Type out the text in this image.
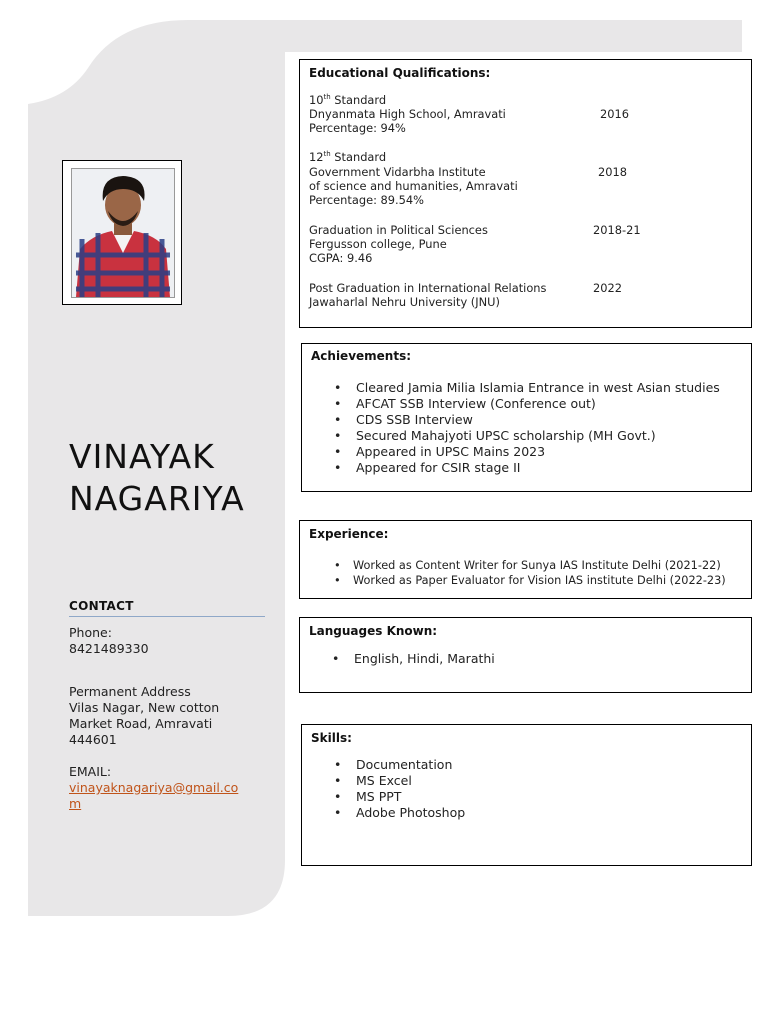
VINAYAK
NAGARIYA
CONTACT
Phone:
8421489330
Permanent Address
Vilas Nagar, New cotton
Market Road, Amravati
444601
EMAIL:
vinayaknagariya@gmail.co
m
Educational Qualifications:
10th Standard
Dnyanmata High School, Amravati
Percentage: 94%
2016
12th Standard
Government Vidarbha Institute
of science and humanities, Amravati
Percentage: 89.54%
2018
Graduation in Political Sciences
Fergusson college, Pune
CGPA: 9.46
2018-21
Post Graduation in International Relations
Jawaharlal Nehru University (JNU)
2022
Achievements:
• Cleared Jamia Milia Islamia Entrance in west Asian studies
• AFCAT SSB Interview (Conference out)
• CDS SSB Interview
• Secured Mahajyoti UPSC scholarship (MH Govt.)
• Appeared in UPSC Mains 2023
• Appeared for CSIR stage II
Experience:
• Worked as Content Writer for Sunya IAS Institute Delhi (2021-22)
• Worked as Paper Evaluator for Vision IAS institute Delhi (2022-23)
Languages Known:
• English, Hindi, Marathi
Skills:
• Documentation
• MS Excel
• MS PPT
• Adobe Photoshop
